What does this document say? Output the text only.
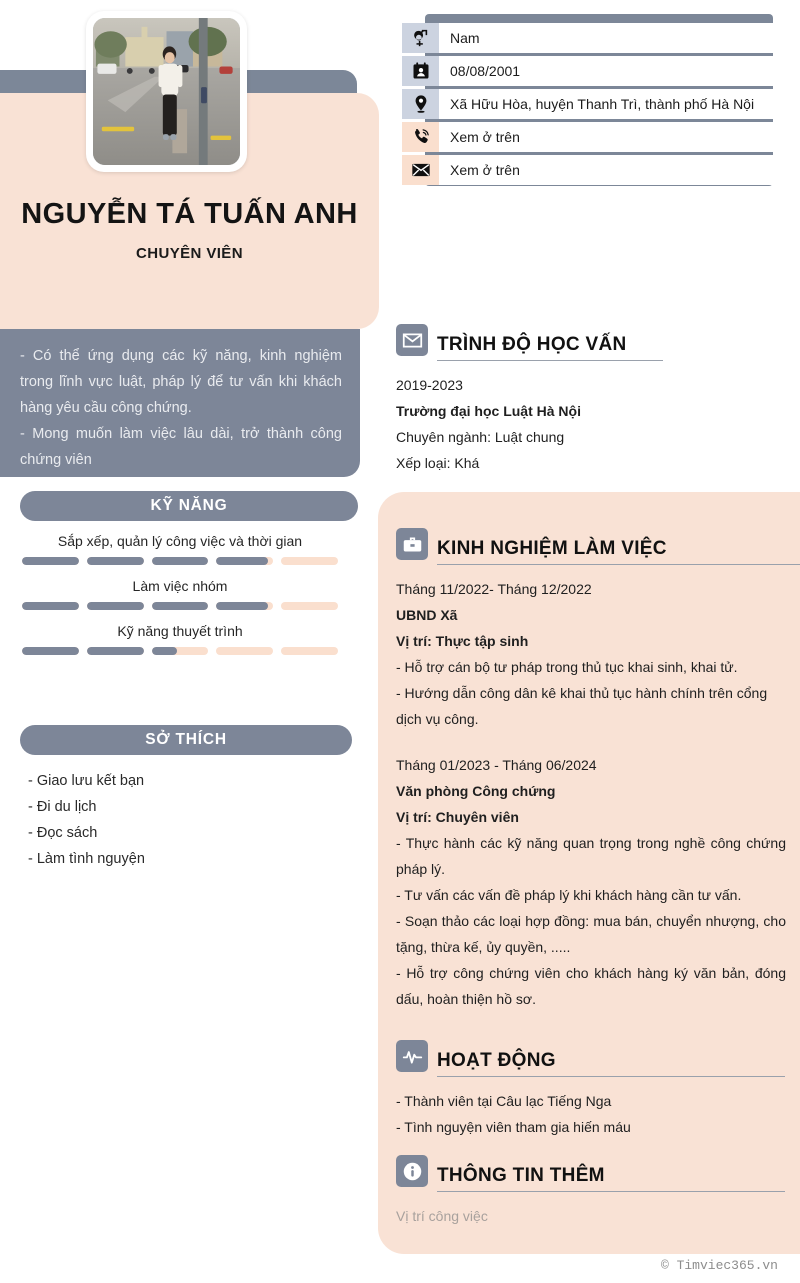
NGUYỄN TÁ TUẤN ANH
CHUYÊN VIÊN

- Có thể ứng dụng các kỹ năng, kinh nghiệm trong lĩnh vực luật, pháp lý để tư vấn khi khách hàng yêu cầu công chứng.

- Mong muốn làm việc lâu dài, trở thành công chứng viên

KỸ NĂNG
Sắp xếp, quản lý công việc và thời gian
Làm việc nhóm
Kỹ năng thuyết trình
SỞ THÍCH
- Giao lưu kết bạn
- Đi du lịch
- Đọc sách
- Làm tình nguyện
Nam
08/08/2001
Xã Hữu Hòa, huyện Thanh Trì, thành phố Hà Nội
Xem ở trên
Xem ở trên
TRÌNH ĐỘ HỌC VẤN
2019-2023
Trường đại học Luật Hà Nội
Chuyên ngành: Luật chung
Xếp loại: Khá
KINH NGHIỆM LÀM VIỆC
Tháng 11/2022- Tháng 12/2022
UBND Xã
Vị trí: Thực tập sinh
- Hỗ trợ cán bộ tư pháp trong thủ tục khai sinh, khai tử.
- Hướng dẫn công dân kê khai thủ tục hành chính trên cổng dịch vụ công.
Tháng 01/2023 - Tháng 06/2024
Văn phòng Công chứng
Vị trí: Chuyên viên
- Thực hành các kỹ năng quan trọng trong nghề công chứng pháp lý.
- Tư vấn các vấn đề pháp lý khi khách hàng cần tư vấn.
- Soạn thảo các loại hợp đồng: mua bán, chuyển nhượng, cho tặng, thừa kế, ủy quyền, .....
- Hỗ trợ công chứng viên cho khách hàng ký văn bản, đóng dấu, hoàn thiện hồ sơ.
HOẠT ĐỘNG
- Thành viên tại Câu lạc Tiếng Nga
- Tình nguyện viên tham gia hiến máu
THÔNG TIN THÊM
Vị trí công việc
© Timviec365.vn
